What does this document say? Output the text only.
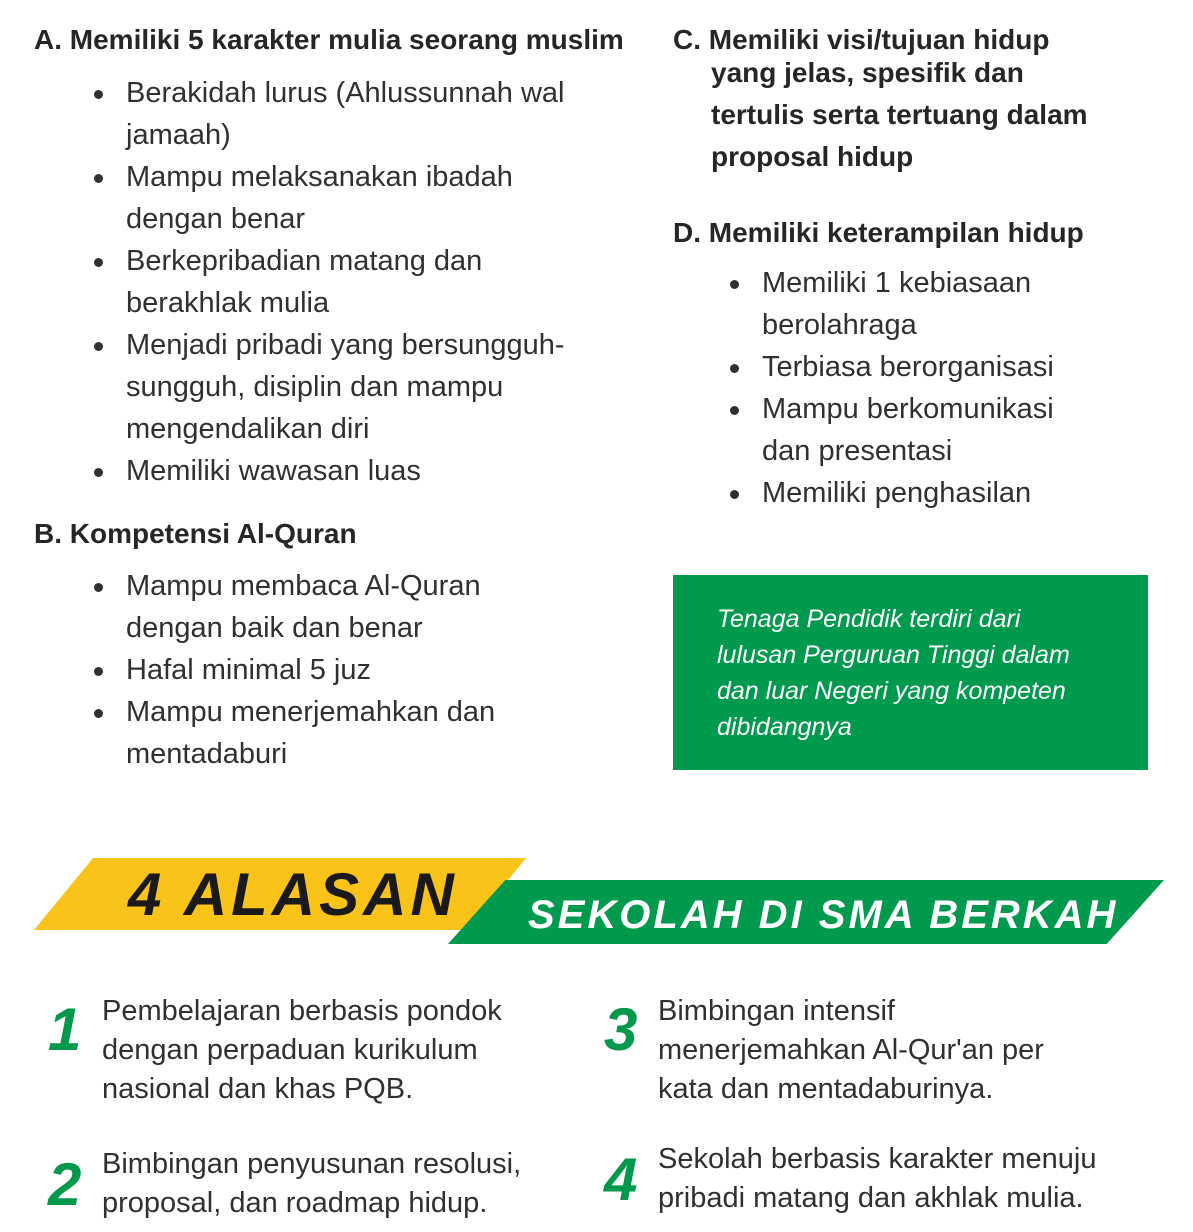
A. Memiliki 5 karakter mulia seorang muslim
Berakidah lurus (Ahlussunnah wal
jamaah)
Mampu melaksanakan ibadah
dengan benar
Berkepribadian matang dan
berakhlak mulia
Menjadi pribadi yang bersungguh-
sungguh, disiplin dan mampu
mengendalikan diri
Memiliki wawasan luas
B. Kompetensi Al-Quran
Mampu membaca Al-Quran
dengan baik dan benar
Hafal minimal 5 juz
Mampu menerjemahkan dan
mentadaburi
C. Memiliki visi/tujuan hidup
yang jelas, spesifik dan
tertulis serta tertuang dalam
proposal hidup
D. Memiliki keterampilan hidup
Memiliki 1 kebiasaan
berolahraga
Terbiasa berorganisasi
Mampu berkomunikasi
dan presentasi
Memiliki penghasilan

Tenaga Pendidik terdiri dari
lulusan Perguruan Tinggi dalam
dan luar Negeri yang kompeten
dibidangnya

4 ALASAN SEKOLAH DI SMA BERKAH
1 Pembelajaran berbasis pondok
dengan perpaduan kurikulum
nasional dan khas PQB.

2 Bimbingan penyusunan resolusi,
proposal, dan roadmap hidup.

3 Bimbingan intensif
menerjemahkan Al-Qur'an per
kata dan mentadaburinya.

4 Sekolah berbasis karakter menuju
pribadi matang dan akhlak mulia.
